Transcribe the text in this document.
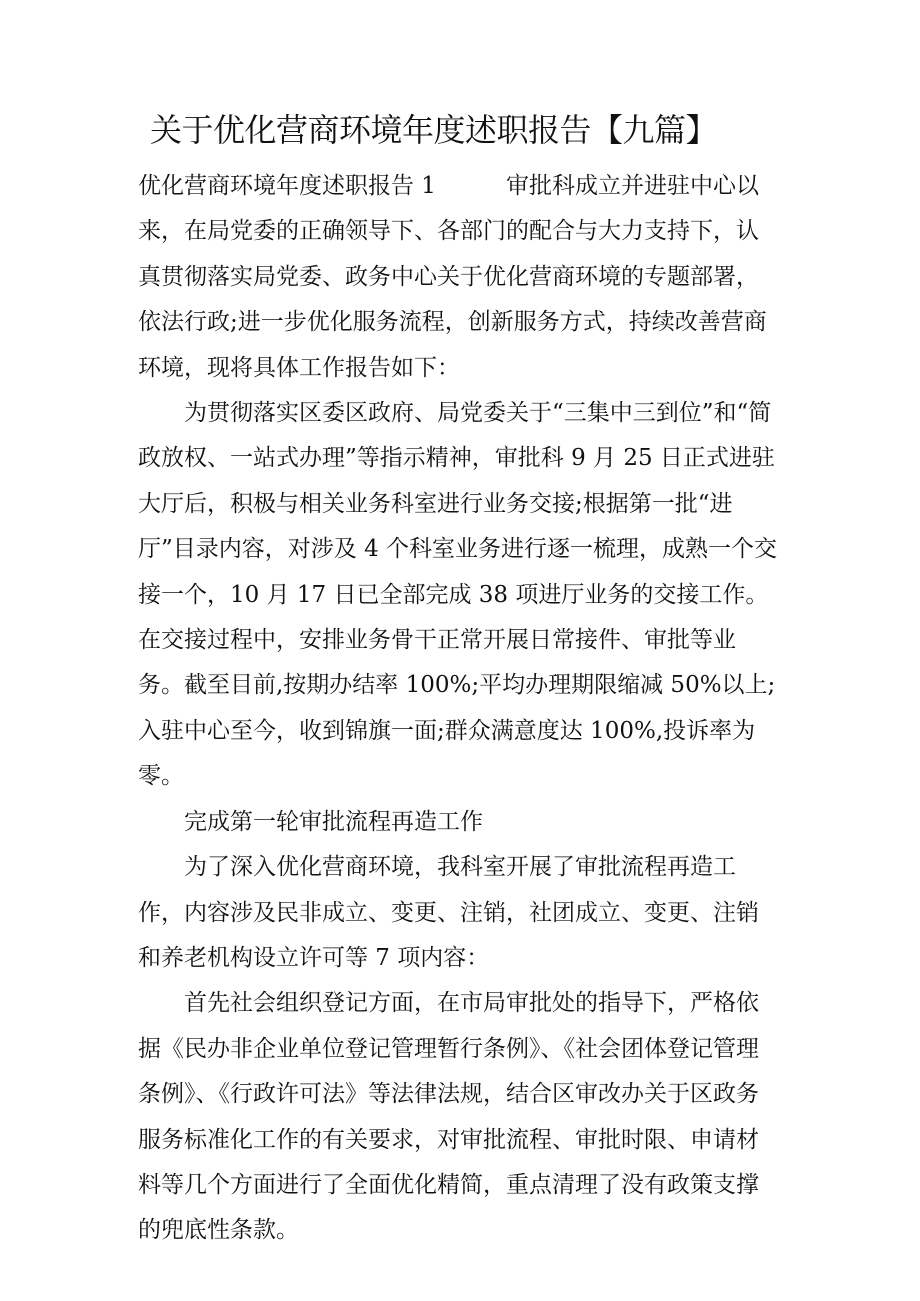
关于优化营商环境年度述职报告【九篇】

优化营商环境年度述职报告 1	审批科成立并进驻中心以来，在局党委的正确领导下、各部门的配合与大力支持下，认真贯彻落实局党委、政务中心关于优化营商环境的专题部署，依法行政;进一步优化服务流程，创新服务方式，持续改善营商环境，现将具体工作报告如下：

为贯彻落实区委区政府、局党委关于“三集中三到位”和“简政放权、一站式办理”等指示精神，审批科 9 月 25 日正式进驻大厅后，积极与相关业务科室进行业务交接;根据第一批“进厅”目录内容，对涉及 4 个科室业务进行逐一梳理，成熟一个交接一个，10 月 17 日已全部完成 38 项进厅业务的交接工作。在交接过程中，安排业务骨干正常开展日常接件、审批等业务。截至目前,按期办结率 100%;平均办理期限缩减 50%以上;入驻中心至今，收到锦旗一面;群众满意度达 100%,投诉率为零。

完成第一轮审批流程再造工作

为了深入优化营商环境，我科室开展了审批流程再造工作，内容涉及民非成立、变更、注销，社团成立、变更、注销和养老机构设立许可等 7 项内容：

首先社会组织登记方面，在市局审批处的指导下，严格依据《民办非企业单位登记管理暂行条例》、《社会团体登记管理条例》、《行政许可法》等法律法规，结合区审改办关于区政务服务标准化工作的有关要求，对审批流程、审批时限、申请材料等几个方面进行了全面优化精简，重点清理了没有政策支撑的兜底性条款。
